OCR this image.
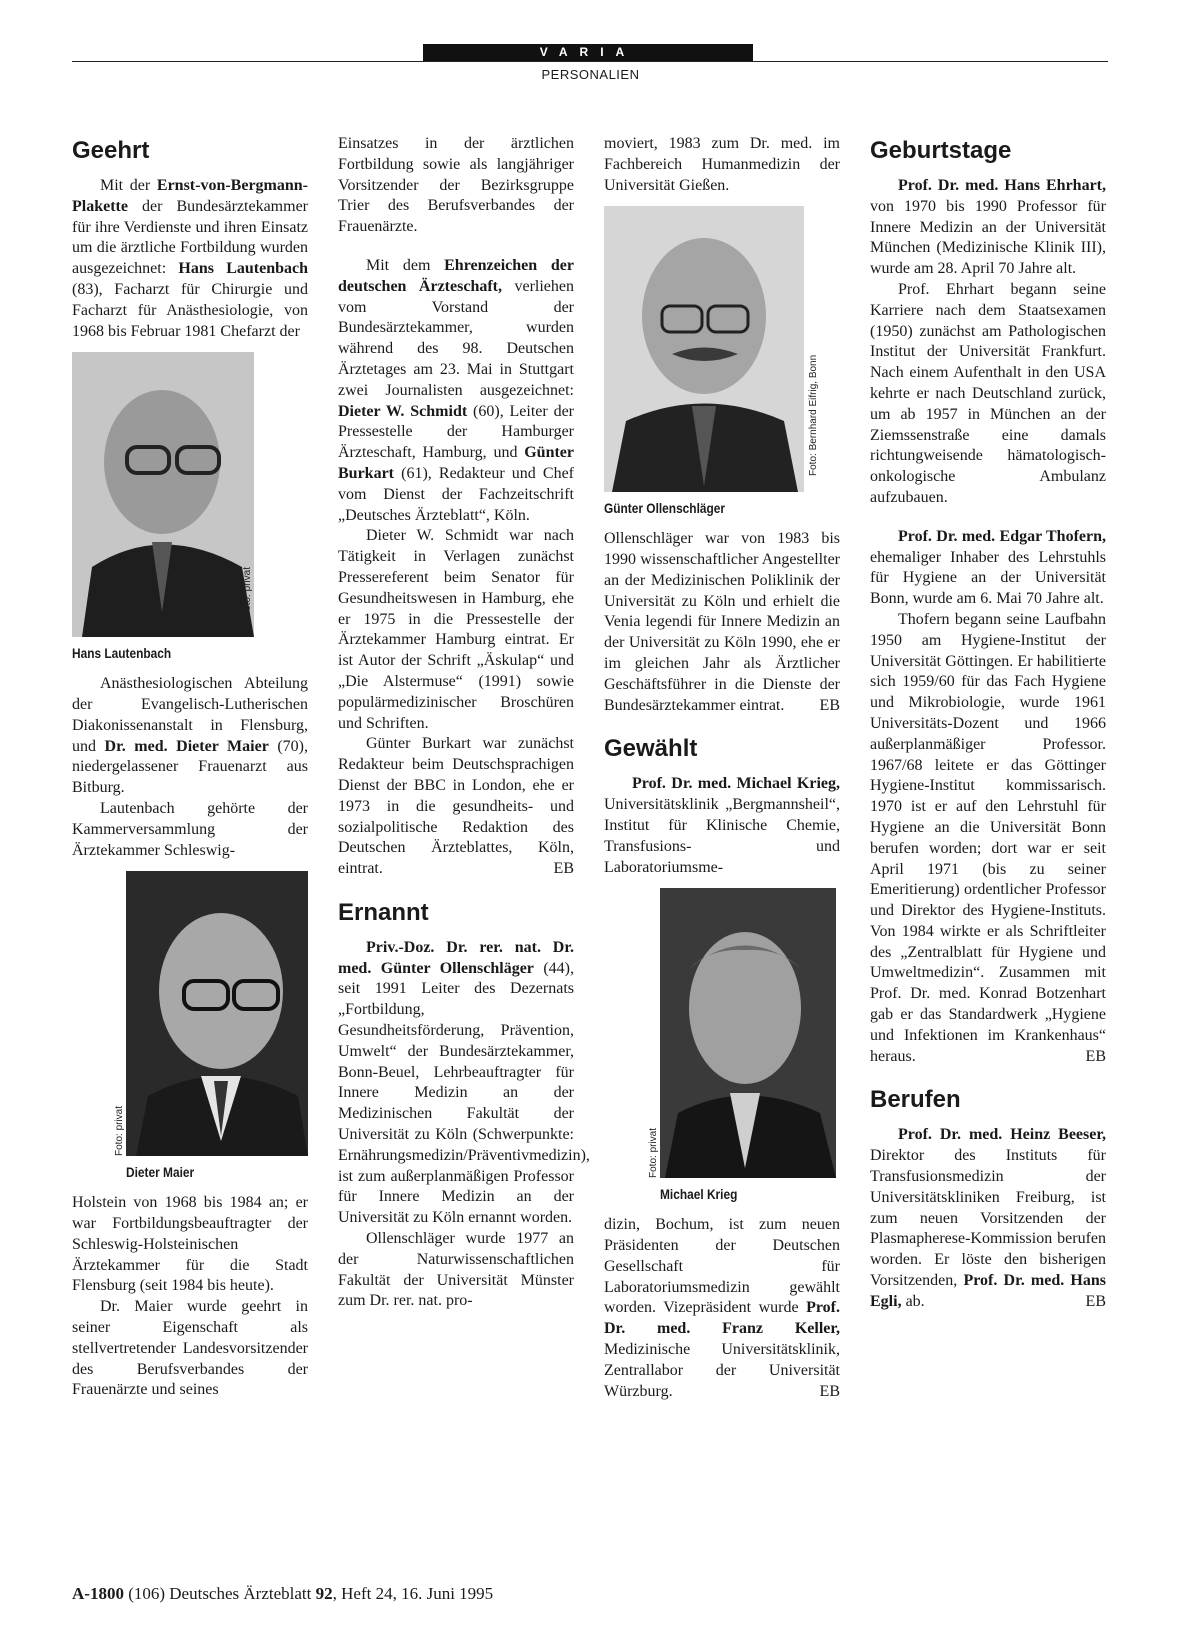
VARIA
PERSONALIEN
Geehrt

Mit der Ernst-von-Bergmann-Plakette der Bundesärztekammer für ihre Verdienste und ihren Einsatz um die ärztliche Fortbildung wurden ausgezeichnet: Hans Lautenbach (83), Facharzt für Chirurgie und Facharzt für Anästhesiologie, von 1968 bis Februar 1981 Chefarzt der

Foto: privat
Hans Lautenbach

Anästhesiologischen Abteilung der Evangelisch-Lutherischen Diakonissenanstalt in Flensburg, und Dr. med. Dieter Maier (70), niedergelassener Frauenarzt aus Bitburg.

Lautenbach gehörte der Kammerversammlung der Ärztekammer Schleswig-

Foto: privat
Dieter Maier

Holstein von 1968 bis 1984 an; er war Fortbildungsbeauftragter der Schleswig-Holsteinischen Ärztekammer für die Stadt Flensburg (seit 1984 bis heute).

Dr. Maier wurde geehrt in seiner Eigenschaft als stellvertretender Landesvorsitzender des Berufsverbandes der Frauenärzte und seines

Einsatzes in der ärztlichen Fortbildung sowie als langjähriger Vorsitzender der Bezirksgruppe Trier des Berufsverbandes der Frauenärzte.

Mit dem Ehrenzeichen der deutschen Ärzteschaft, verliehen vom Vorstand der Bundesärztekammer, wurden während des 98. Deutschen Ärztetages am 23. Mai in Stuttgart zwei Journalisten ausgezeichnet: Dieter W. Schmidt (60), Leiter der Pressestelle der Hamburger Ärzteschaft, Hamburg, und Günter Burkart (61), Redakteur und Chef vom Dienst der Fachzeitschrift „Deutsches Ärzteblatt“, Köln.

Dieter W. Schmidt war nach Tätigkeit in Verlagen zunächst Pressereferent beim Senator für Gesundheitswesen in Hamburg, ehe er 1975 in die Pressestelle der Ärztekammer Hamburg eintrat. Er ist Autor der Schrift „Äskulap“ und „Die Alstermuse“ (1991) sowie populärmedizinischer Broschüren und Schriften.

Günter Burkart war zunächst Redakteur beim Deutschsprachigen Dienst der BBC in London, ehe er 1973 in die gesundheits- und sozialpolitische Redaktion des Deutschen Ärzteblattes, Köln, eintrat.	EB

Ernannt

Priv.-Doz. Dr. rer. nat. Dr. med. Günter Ollenschläger (44), seit 1991 Leiter des Dezernats „Fortbildung, Gesundheitsförderung, Prävention, Umwelt“ der Bundesärztekammer, Bonn-Beuel, Lehrbeauftragter für Innere Medizin an der Medizinischen Fakultät der Universität zu Köln (Schwerpunkte: Ernährungsmedizin/Präventivmedizin), ist zum außerplanmäßigen Professor für Innere Medizin an der Universität zu Köln ernannt worden.

Ollenschläger wurde 1977 an der Naturwissenschaftlichen Fakultät der Universität Münster zum Dr. rer. nat. pro-

moviert, 1983 zum Dr. med. im Fachbereich Humanmedizin der Universität Gießen.

Foto: Bernhard Eifrig, Bonn
Günter Ollenschläger

Ollenschläger war von 1983 bis 1990 wissenschaftlicher Angestellter an der Medizinischen Poliklinik der Universität zu Köln und erhielt die Venia legendi für Innere Medizin an der Universität zu Köln 1990, ehe er im gleichen Jahr als Ärztlicher Geschäftsführer in die Dienste der Bundesärztekammer eintrat. EB

Gewählt

Prof. Dr. med. Michael Krieg, Universitätsklinik „Bergmannsheil“, Institut für Klinische Chemie, Transfusions- und Laboratoriumsme-

Foto: privat
Michael Krieg

dizin, Bochum, ist zum neuen Präsidenten der Deutschen Gesellschaft für Laboratoriumsmedizin gewählt worden. Vizepräsident wurde Prof. Dr. med. Franz Keller, Medizinische Universitätsklinik, Zentrallabor der Universität Würzburg.	EB

Geburtstage

Prof. Dr. med. Hans Ehrhart, von 1970 bis 1990 Professor für Innere Medizin an der Universität München (Medizinische Klinik III), wurde am 28. April 70 Jahre alt.

Prof. Ehrhart begann seine Karriere nach dem Staatsexamen (1950) zunächst am Pathologischen Institut der Universität Frankfurt. Nach einem Aufenthalt in den USA kehrte er nach Deutschland zurück, um ab 1957 in München an der Ziemssenstraße eine damals richtungweisende hämatologisch-onkologische Ambulanz aufzubauen.

Prof. Dr. med. Edgar Thofern, ehemaliger Inhaber des Lehrstuhls für Hygiene an der Universität Bonn, wurde am 6. Mai 70 Jahre alt.

Thofern begann seine Laufbahn 1950 am Hygiene-Institut der Universität Göttingen. Er habilitierte sich 1959/60 für das Fach Hygiene und Mikrobiologie, wurde 1961 Universitäts-Dozent und 1966 außerplanmäßiger Professor. 1967/68 leitete er das Göttinger Hygiene-Institut kommissarisch. 1970 ist er auf den Lehrstuhl für Hygiene an die Universität Bonn berufen worden; dort war er seit April 1971 (bis zu seiner Emeritierung) ordentlicher Professor und Direktor des Hygiene-Instituts. Von 1984 wirkte er als Schriftleiter des „Zentralblatt für Hygiene und Umweltmedizin“. Zusammen mit Prof. Dr. med. Konrad Botzenhart gab er das Standardwerk „Hygiene und Infektionen im Krankenhaus“ heraus.	EB

Berufen

Prof. Dr. med. Heinz Beeser, Direktor des Instituts für Transfusionsmedizin der Universitätskliniken Freiburg, ist zum neuen Vorsitzenden der Plasmapherese-Kommission berufen worden. Er löste den bisherigen Vorsitzenden, Prof. Dr. med. Hans Egli, ab.	EB

A-1800 (106) Deutsches Ärzteblatt 92, Heft 24, 16. Juni 1995
